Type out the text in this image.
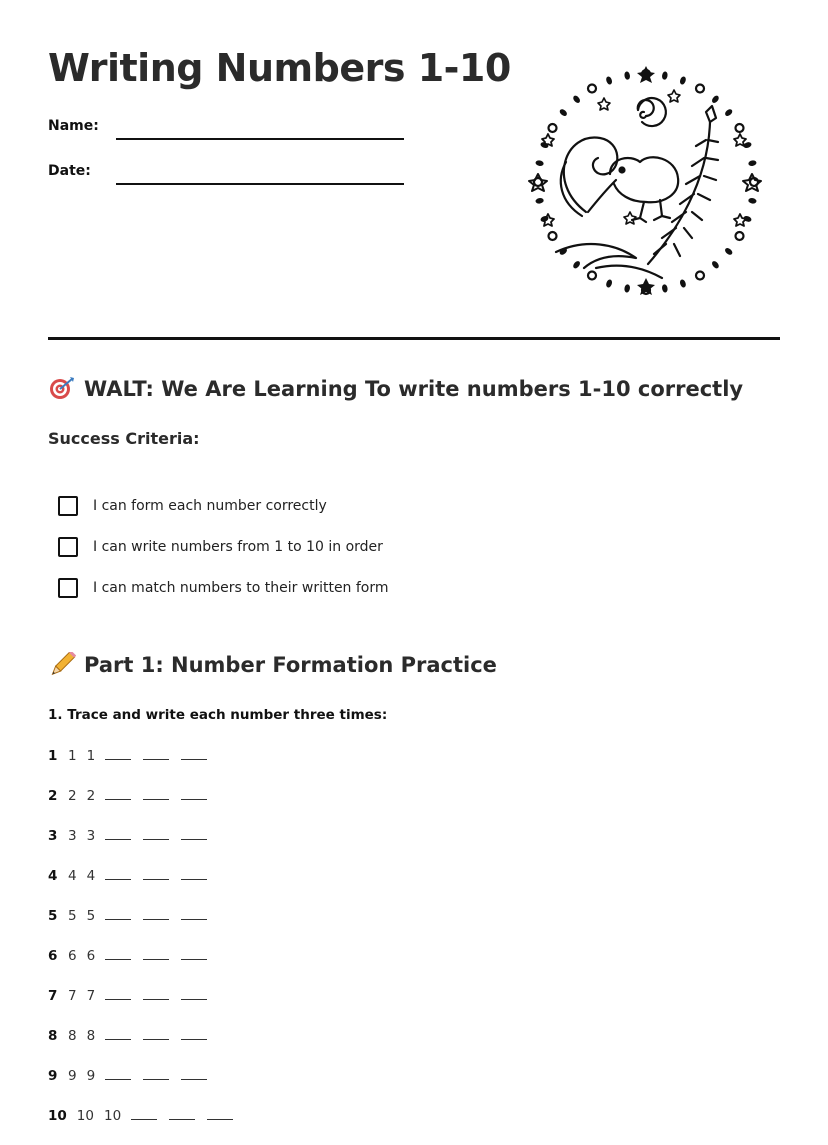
Writing Numbers 1-10
Name:
Date:
WALT: We Are Learning To write numbers 1-10 correctly
Success Criteria:
I can form each number correctly
I can write numbers from 1 to 10 in order
I can match numbers to their written form
Part 1: Number Formation Practice

1. Trace and write each number three times:

1 1 1
2 2 2
3 3 3
4 4 4
5 5 5
6 6 6
7 7 7
8 8 8
9 9 9
10 10 10
